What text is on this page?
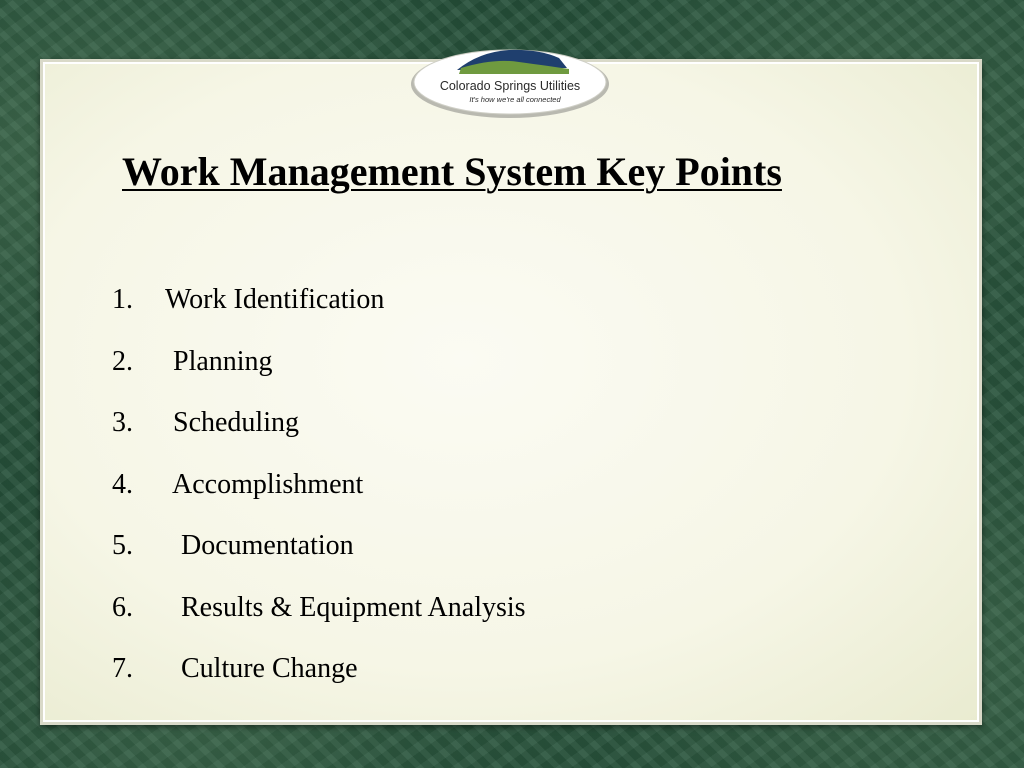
Colorado Springs Utilities
It's how we're all connected
Work Management System Key Points
1. Work Identification
2. Planning
3. Scheduling
4. Accomplishment
5. Documentation
6. Results & Equipment Analysis
7. Culture Change
